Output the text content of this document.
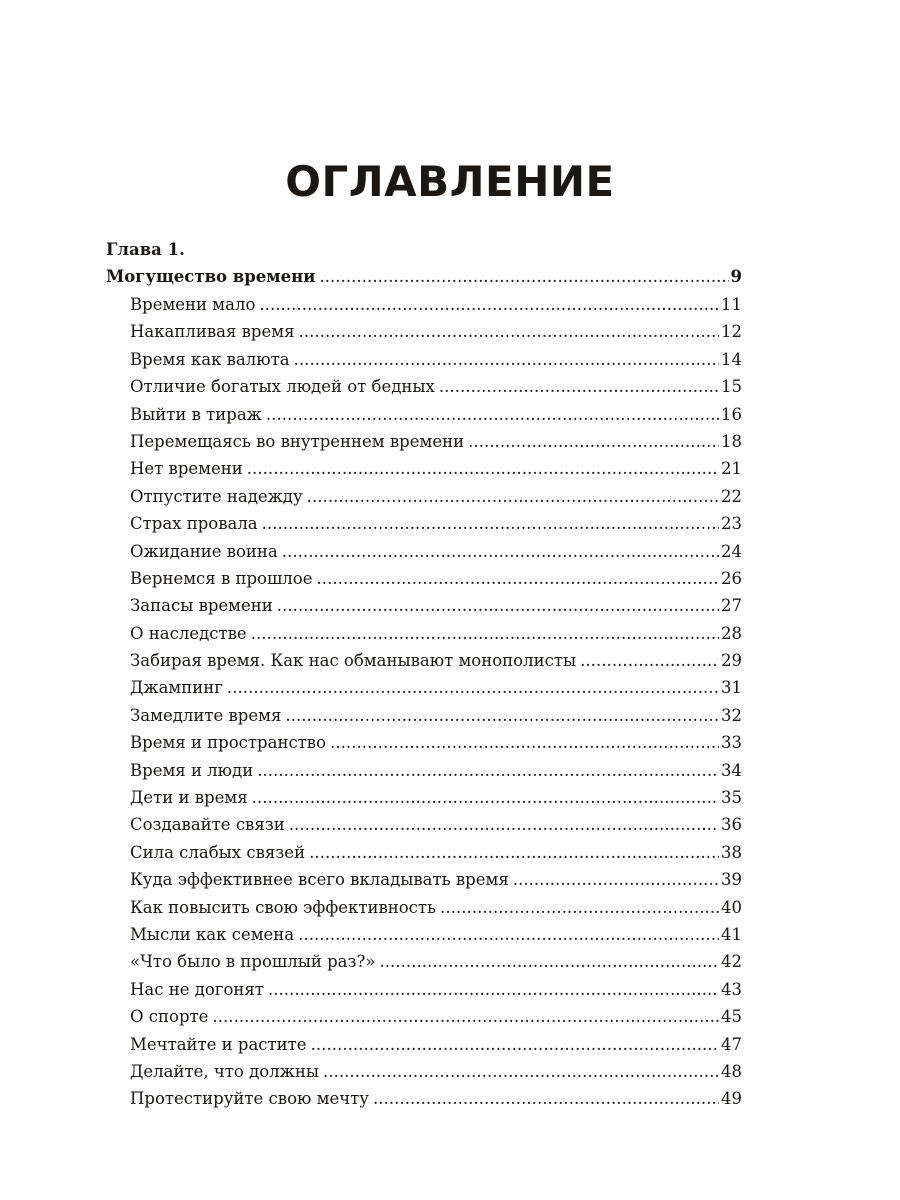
ОГЛАВЛЕНИЕ
Глава 1.
Могущество времени . . .	9
Времени мало . . .	11
Накапливая время . . .	12
Время как валюта . . .	14
Отличие богатых людей от бедных . . .	15
Выйти в тираж . . .	16
Перемещаясь во внутреннем времени . . .	18
Нет времени . . .	21
Отпустите надежду . . .	22
Страх провала . . .	23
Ожидание воина . . .	24
Вернемся в прошлое . . .	26
Запасы времени . . .	27
О наследстве . . .	28
Забирая время. Как нас обманывают монополисты . . .	29
Джампинг . . .	31
Замедлите время . . .	32
Время и пространство . . .	33
Время и люди . . .	34
Дети и время . . .	35
Создавайте связи . . .	36
Сила слабых связей . . .	38
Куда эффективнее всего вкладывать время . . .	39
Как повысить свою эффективность . . .	40
Мысли как семена . . .	41
«Что было в прошлый раз?» . . .	42
Нас не догонят . . .	43
О спорте . . .	45
Мечтайте и растите . . .	47
Делайте, что должны . . .	48
Протестируйте свою мечту . . .	49
